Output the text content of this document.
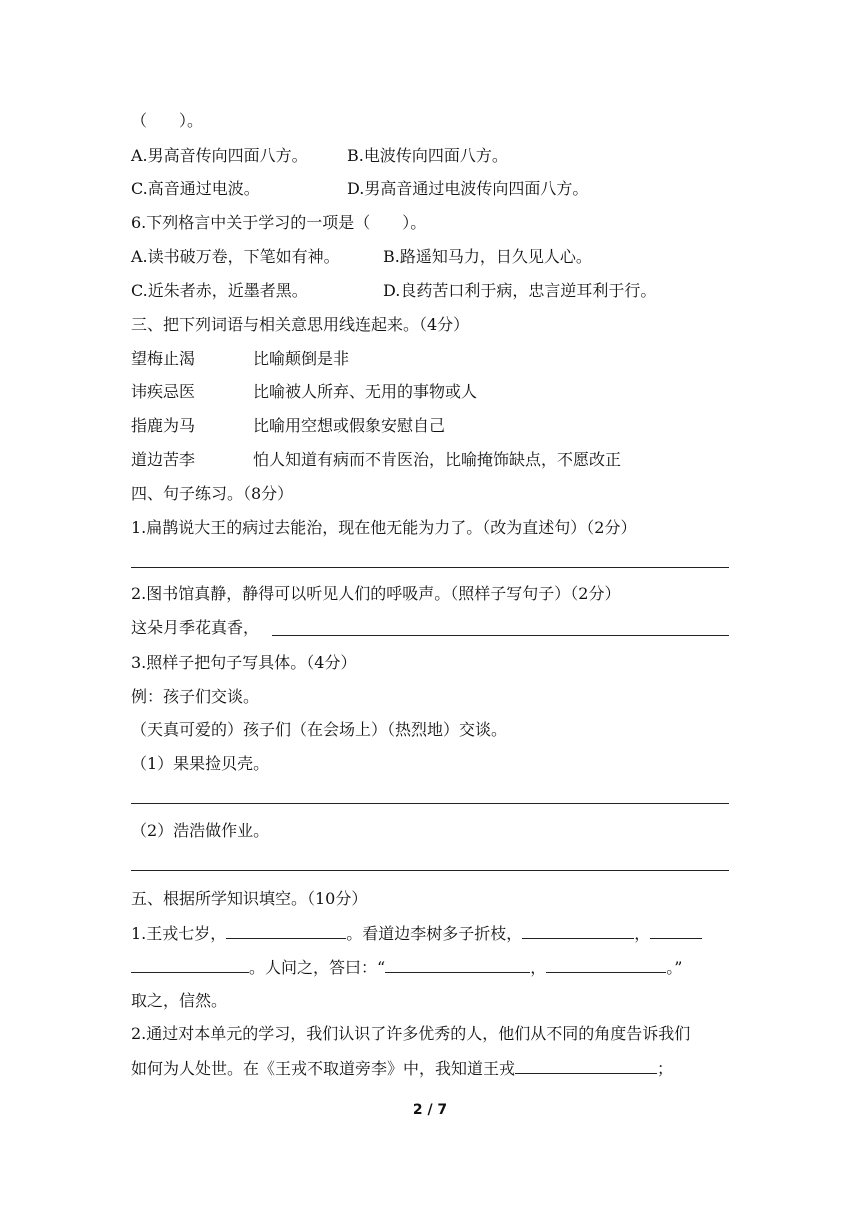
（　　）。
A.男高音传向四面八方。 B.电波传向四面八方。
C.高音通过电波。	D.男高音通过电波传向四面八方。
6.下列格言中关于学习的一项是（　　）。
A.读书破万卷，下笔如有神。	B.路遥知马力，日久见人心。
C.近朱者赤，近墨者黑。	D.良药苦口利于病，忠言逆耳利于行。
三、把下列词语与相关意思用线连起来。（4分）
望梅止渴	比喻颠倒是非
讳疾忌医	比喻被人所弃、无用的事物或人
指鹿为马	比喻用空想或假象安慰自己
道边苦李	怕人知道有病而不肯医治，比喻掩饰缺点，不愿改正
四、句子练习。（8分）
1.扁鹊说大王的病过去能治，现在他无能为力了。（改为直述句）（2分）
2.图书馆真静，静得可以听见人们的呼吸声。（照样子写句子）（2分）
这朵月季花真香，
3.照样子把句子写具体。（4分）
例：孩子们交谈。
（天真可爱的）孩子们（在会场上）（热烈地）交谈。
（1）果果捡贝壳。
（2）浩浩做作业。
五、根据所学知识填空。（10分）
1.王戎七岁，	。看道边李树多子折枝，	，
。人问之，答曰：“	，	。”
取之，信然。
2.通过对本单元的学习，我们认识了许多优秀的人，他们从不同的角度告诉我们
如何为人处世。在《王戎不取道旁李》中，我知道王戎	；
2 / 7
